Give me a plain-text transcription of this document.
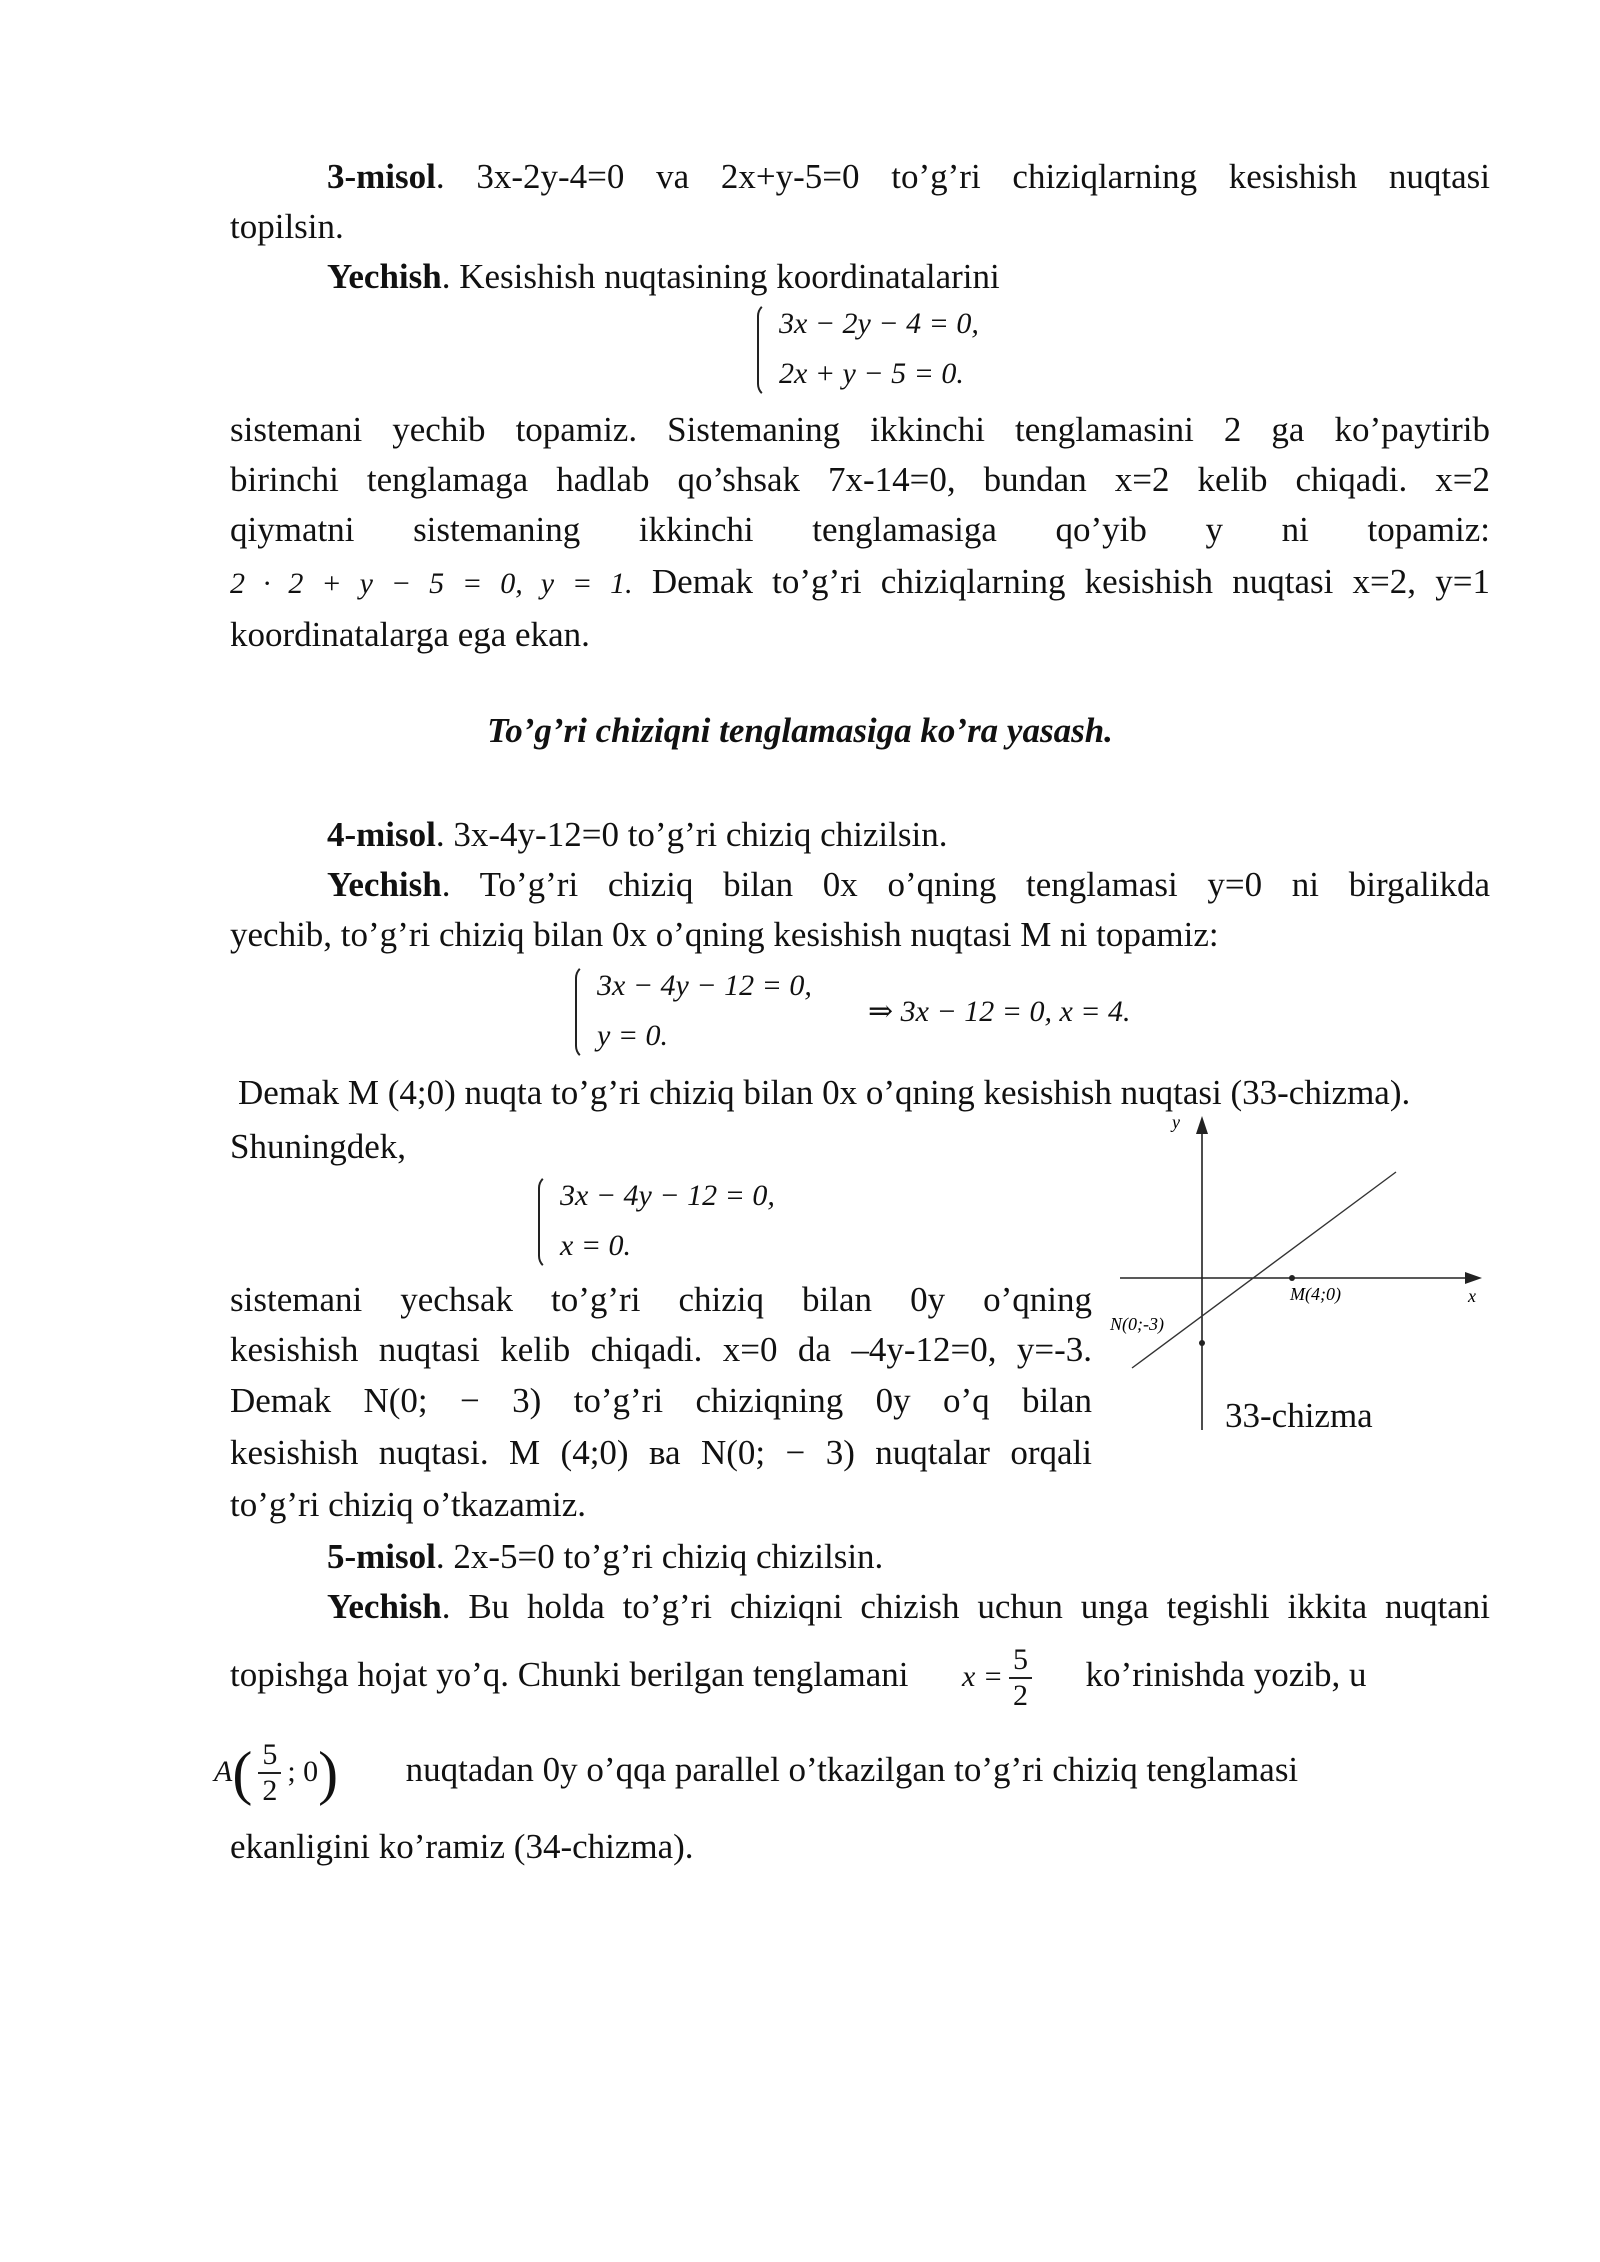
3-misol. 3x-2y-4=0 va 2x+y-5=0 to’g’ri chiziqlarning kesishish nuqtasi

topilsin.

Yechish. Kesishish nuqtasining koordinatalarini

3x − 2y − 4 = 0,
2x + y − 5 = 0.

sistemani yechib topamiz. Sistemaning ikkinchi tenglamasini 2 ga ko’paytirib

birinchi tenglamaga hadlab qo’shsak 7x-14=0, bundan x=2 kelib chiqadi. x=2

qiymatni sistemaning ikkinchi tenglamasiga qo’yib y ni topamiz:

2 · 2 + y − 5 = 0, y = 1. Demak to’g’ri chiziqlarning kesishish nuqtasi x=2, y=1

koordinatalarga ega ekan.

To’g’ri chiziqni tenglamasiga ko’ra yasash.

4-misol. 3x-4y-12=0 to’g’ri chiziq chizilsin.

Yechish. To’g’ri chiziq bilan 0x o’qning tenglamasi y=0 ni birgalikda

yechib, to’g’ri chiziq bilan 0x o’qning kesishish nuqtasi M ni topamiz:

3x − 4y − 12 = 0,
y = 0.
⇒ 3x − 12 = 0, x = 4.

Demak M (4;0) nuqta to’g’ri chiziq bilan 0x o’qning kesishish nuqtasi (33-chizma).

Shuningdek,

3x − 4y − 12 = 0,
x = 0.

sistemani yechsak to’g’ri chiziq bilan 0y o’qning

kesishish nuqtasi kelib chiqadi. x=0 da –4y-12=0, y=-3.

Demak N(0; − 3) to’g’ri chiziqning 0y o’q bilan

kesishish nuqtasi. M (4;0) ва N(0; − 3) nuqtalar orqali

to’g’ri chiziq o’tkazamiz.

x
y
M(4;0)
N(0;-3)
33-chizma

5-misol. 2x-5=0 to’g’ri chiziq chizilsin.

Yechish. Bu holda to’g’ri chiziqni chizish uchun unga tegishli ikkita nuqtani

topishga hojat yo’q. Chunki berilgan tenglamani $x = \frac{5}{2}$ ko’rinishda yozib, u
$A( \frac{5}{2}$ ; 0) nuqtadan 0y o’qqa parallel o’tkazilgan to’g’ri chiziq tenglamasi

ekanligini ko’ramiz (34-chizma).
